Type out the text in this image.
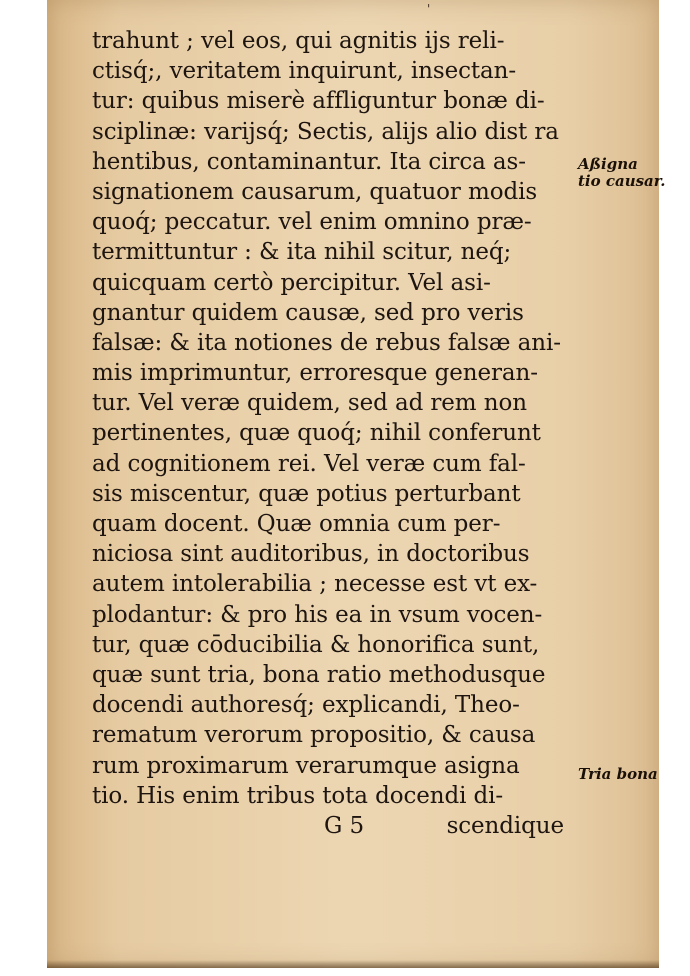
'
trahunt ; vel eos, qui agnitis ijs reli-
ctisq́;, veritatem inquirunt, insectan-
tur: quibus miserè affliguntur bonæ di-
sciplinæ: varijsq́; Sectis, alijs alio dist ra
hentibus, contaminantur. Ita circa as-
signationem causarum, quatuor modis
quoq́; peccatur. vel enim omnino præ-
termittuntur : & ita nihil scitur, neq́;
quicquam certò percipitur. Vel asi-
gnantur quidem causæ, sed pro veris
falsæ: & ita notiones de rebus falsæ ani-
mis imprimuntur, erroresque generan-
tur. Vel veræ quidem, sed ad rem non
pertinentes, quæ quoq́; nihil conferunt
ad cognitionem rei. Vel veræ cum fal-
sis miscentur, quæ potius perturbant
quam docent. Quæ omnia cum per-
niciosa sint auditoribus, in doctoribus
autem intolerabilia ; necesse est vt ex-
plodantur: & pro his ea in vsum vocen-
tur, quæ cōducibilia & honorifica sunt,
quæ sunt tria, bona ratio methodusque
docendi authoresq́; explicandi, Theo-
rematum verorum propositio, & causa
rum proximarum verarumque asigna
tio. His enim tribus tota docendi di-
G 5	scendique
Aßigna
tio causar.
Tria bona
